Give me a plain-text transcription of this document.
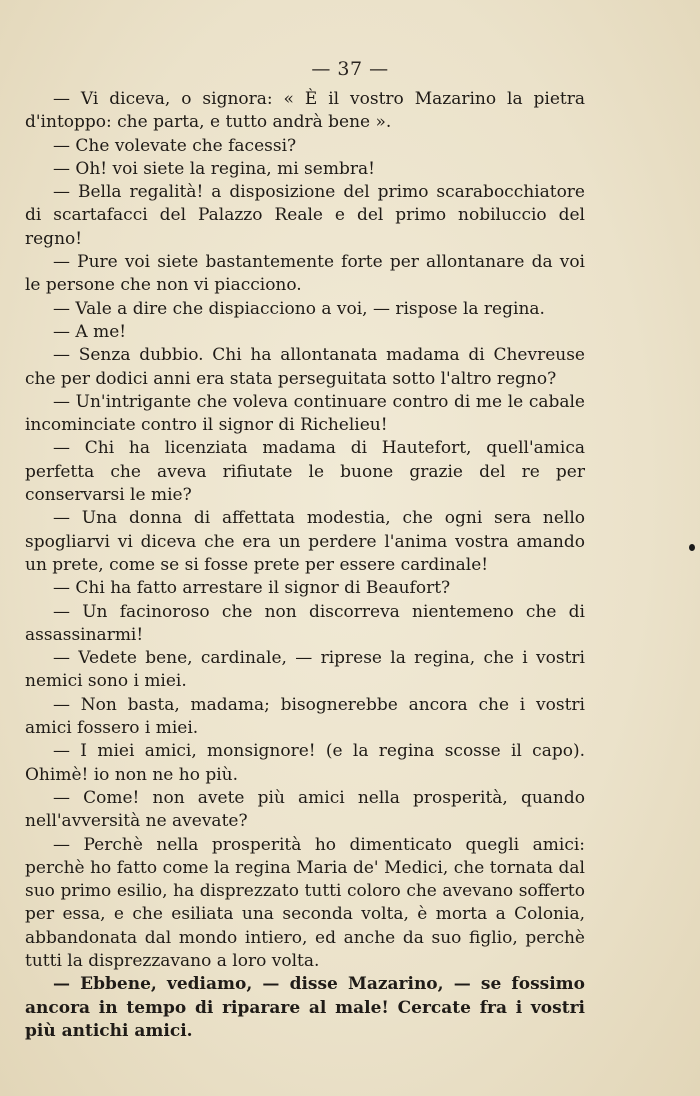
— 37 —

— Vi diceva, o signora: « È il vostro Mazarino la pietra d'intoppo: che parta, e tutto andrà bene ».

— Che volevate che facessi?

— Oh! voi siete la regina, mi sembra!

— Bella regalità! a disposizione del primo scarabocchiatore di scartafacci del Palazzo Reale e del primo nobiluccio del regno!

— Pure voi siete bastantemente forte per allontanare da voi le persone che non vi piacciono.

— Vale a dire che dispiacciono a voi, — rispose la regina.

— A me!

— Senza dubbio. Chi ha allontanata madama di Chevreuse che per dodici anni era stata perseguitata sotto l'altro regno?

— Un'intrigante che voleva continuare contro di me le cabale incominciate contro il signor di Richelieu!

— Chi ha licenziata madama di Hautefort, quell'amica perfetta che aveva rifiutate le buone grazie del re per conservarsi le mie?

— Una donna di affettata modestia, che ogni sera nello spogliarvi vi diceva che era un perdere l'anima vostra amando un prete, come se si fosse prete per essere cardinale!

— Chi ha fatto arrestare il signor di Beaufort?

— Un facinoroso che non discorreva nientemeno che di assassinarmi!

— Vedete bene, cardinale, — riprese la regina, che i vostri nemici sono i miei.

— Non basta, madama; bisognerebbe ancora che i vostri amici fossero i miei.

— I miei amici, monsignore! (e la regina scosse il capo). Ohimè! io non ne ho più.

— Come! non avete più amici nella prosperità, quando nell'avversità ne avevate?

— Perchè nella prosperità ho dimenticato quegli amici: perchè ho fatto come la regina Maria de' Medici, che tornata dal suo primo esilio, ha disprezzato tutti coloro che avevano sofferto per essa, e che esiliata una seconda volta, è morta a Colonia, abbandonata dal mondo intiero, ed anche da suo figlio, perchè tutti la disprezzavano a loro volta.

— Ebbene, vediamo, — disse Mazarino, — se fossimo ancora in tempo di riparare al male! Cercate fra i vostri più antichi amici.
